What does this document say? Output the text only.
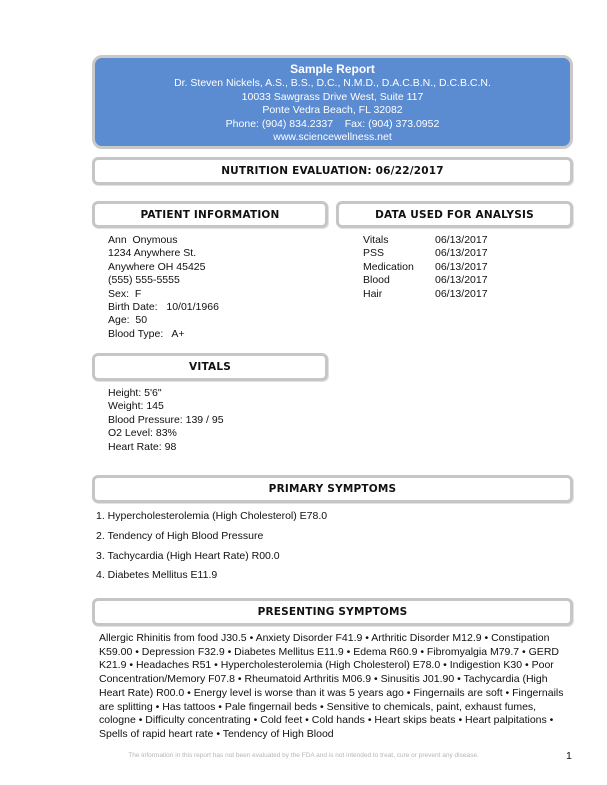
Sample Report
Dr. Steven Nickels, A.S., B.S., D.C., N.M.D., D.A.C.B.N., D.C.B.C.N.
10033 Sawgrass Drive West, Suite 117
Ponte Vedra Beach, FL 32082
Phone: (904) 834.2337    Fax: (904) 373.0952
www.sciencewellness.net
NUTRITION EVALUATION: 06/22/2017
PATIENT INFORMATION	DATA USED FOR ANALYSIS
Ann  Onymous
1234 Anywhere St.
Anywhere OH 45425
(555) 555-5555
Sex:  F
Birth Date:   10/01/1966
Age:  50
Blood Type:   A+
Vitals	06/13/2017
PSS	06/13/2017
Medication	06/13/2017
Blood	06/13/2017
Hair	06/13/2017
VITALS
Height: 5'6"
Weight: 145
Blood Pressure: 139 / 95
O2 Level: 83%
Heart Rate: 98
PRIMARY SYMPTOMS
1. Hypercholesterolemia (High Cholesterol) E78.0
2. Tendency of High Blood Pressure
3. Tachycardia (High Heart Rate) R00.0
4. Diabetes Mellitus E11.9
PRESENTING SYMPTOMS
Allergic Rhinitis from food J30.5 • Anxiety Disorder F41.9 • Arthritic Disorder M12.9 • Constipation K59.00 • Depression F32.9 • Diabetes Mellitus E11.9 • Edema R60.9 • Fibromyalgia M79.7 • GERD K21.9 • Headaches R51 • Hypercholesterolemia (High Cholesterol) E78.0 • Indigestion K30 • Poor Concentration/Memory F07.8 • Rheumatoid Arthritis M06.9 • Sinusitis J01.90 • Tachycardia (High Heart Rate) R00.0 • Energy level is worse than it was 5 years ago • Fingernails are soft • Fingernails are splitting • Has tattoos • Pale fingernail beds • Sensitive to chemicals, paint, exhaust fumes, cologne • Difficulty concentrating • Cold feet • Cold hands • Heart skips beats • Heart palpitations • Spells of rapid heart rate • Tendency of High Blood
The information in this report has not been evaluated by the FDA and is not intended to treat, cure or prevent any disease.	1
